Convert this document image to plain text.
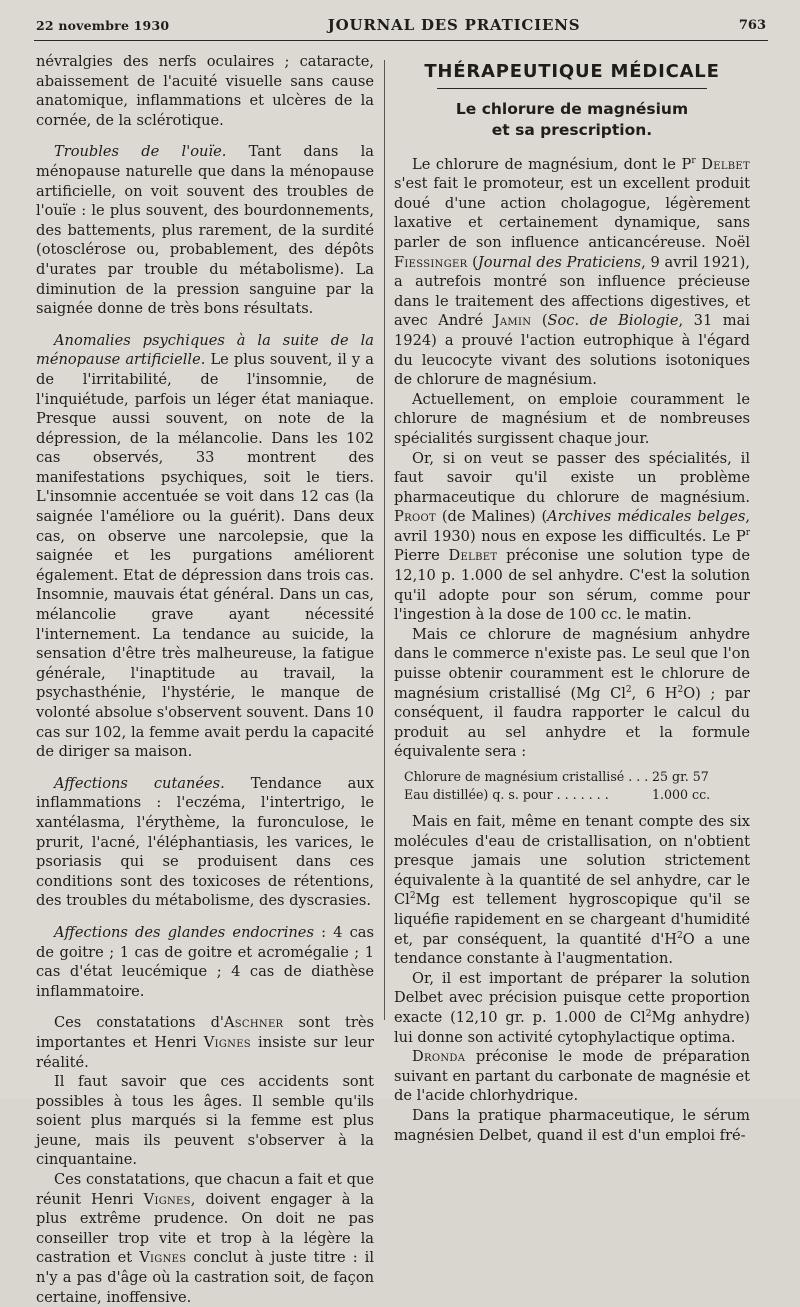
22 novembre 1930	JOURNAL DES PRATICIENS	763

névralgies des nerfs oculaires ; cataracte, abaissement de l'acuité visuelle sans cause anatomique, inflammations et ulcères de la cornée, de la sclérotique.

Troubles de l'ouïe. Tant dans la ménopause naturelle que dans la ménopause artificielle, on voit souvent des troubles de l'ouïe : le plus souvent, des bourdonnements, des battements, plus rarement, de la surdité (otosclérose ou, probablement, des dépôts d'urates par trouble du métabolisme). La diminution de la pression sanguine par la saignée donne de très bons résultats.

Anomalies psychiques à la suite de la ménopause artificielle. Le plus souvent, il y a de l'irritabilité, de l'insomnie, de l'inquiétude, parfois un léger état maniaque. Presque aussi souvent, on note de la dépression, de la mélancolie. Dans les 102 cas observés, 33 montrent des manifestations psychiques, soit le tiers. L'insomnie accentuée se voit dans 12 cas (la saignée l'améliore ou la guérit). Dans deux cas, on observe une narcolepsie, que la saignée et les purgations améliorent également. Etat de dépression dans trois cas. Insomnie, mauvais état général. Dans un cas, mélancolie grave ayant nécessité l'internement. La tendance au suicide, la sensation d'être très malheureuse, la fatigue générale, l'inaptitude au travail, la psychasthénie, l'hystérie, le manque de volonté absolue s'observent souvent. Dans 10 cas sur 102, la femme avait perdu la capacité de diriger sa maison.

Affections cutanées. Tendance aux inflammations : l'eczéma, l'intertrigo, le xantélasma, l'érythème, la furonculose, le prurit, l'acné, l'éléphantiasis, les varices, le psoriasis qui se produisent dans ces conditions sont des toxicoses de rétentions, des troubles du métabolisme, des dyscrasies.

Affections des glandes endocrines : 4 cas de goitre ; 1 cas de goitre et acromégalie ; 1 cas d'état leucémique ; 4 cas de diathèse inflammatoire.

Ces constatations d'Aschner sont très importantes et Henri Vignes insiste sur leur réalité.

Il faut savoir que ces accidents sont possibles à tous les âges. Il semble qu'ils soient plus marqués si la femme est plus jeune, mais ils peuvent s'observer à la cinquantaine.

Ces constatations, que chacun a fait et que réunit Henri Vignes, doivent engager à la plus extrême prudence. On doit ne pas conseiller trop vite et trop à la légère la castration et Vignes conclut à juste titre : il n'y a pas d'âge où la castration soit, de façon certaine, inoffensive.

THÉRAPEUTIQUE MÉDICALE
Le chlorure de magnésium
et sa prescription.

Le chlorure de magnésium, dont le $P^r$ Delbet s'est fait le promoteur, est un excellent produit doué d'une action cholagogue, légèrement laxative et certainement dynamique, sans parler de son influence anticancéreuse. Noël Fiessinger (Journal des Praticiens, 9 avril 1921), a autrefois montré son influence précieuse dans le traitement des affections digestives, et avec André Jamin (Soc. de Biologie, 31 mai 1924) a prouvé l'action eutrophique à l'égard du leucocyte vivant des solutions isotoniques de chlorure de magnésium.

Actuellement, on emploie couramment le chlorure de magnésium et de nombreuses spécialités surgissent chaque jour.

Or, si on veut se passer des spécialités, il faut savoir qu'il existe un problème pharmaceutique du chlorure de magnésium. Proot (de Malines) (Archives médicales belges, avril 1930) nous en expose les difficultés. Le $P^r$ Pierre Delbet préconise une solution type de 12,10 p. 1.000 de sel anhydre. C'est la solution qu'il adopte pour son sérum, comme pour l'ingestion à la dose de 100 cc. le matin.

Mais ce chlorure de magnésium anhydre dans le commerce n'existe pas. Le seul que l'on puisse obtenir couramment est le chlorure de magnésium cristallisé (Mg Cl$^2$, 6 $H^2O$) ; par conséquent, il faudra rapporter le calcul du produit au sel anhydre et la formule équivalente sera :

Chlorure de magnésium cristallisé . . . 25 gr. 57
Eau distillée) q. s. pour . . . . . . .	1.000 cc.

Mais en fait, même en tenant compte des six molécules d'eau de cristallisation, on n'obtient presque jamais une solution strictement équivalente à la quantité de sel anhydre, car le Cl$^2$Mg est tellement hygroscopique qu'il se liquéfie rapidement en se chargeant d'humidité et, par conséquent, la quantité $d'H^2O$ a une tendance constante à l'augmentation.

Or, il est important de préparer la solution Delbet avec précision puisque cette proportion exacte (12,10 gr. p. 1.000 de Cl$^2$Mg anhydre) lui donne son activité cytophylactique optima.

Dronda préconise le mode de préparation suivant en partant du carbonate de magnésie et de l'acide chlorhydrique.

Dans la pratique pharmaceutique, le sérum magnésien Delbet, quand il est d'un emploi fré-
